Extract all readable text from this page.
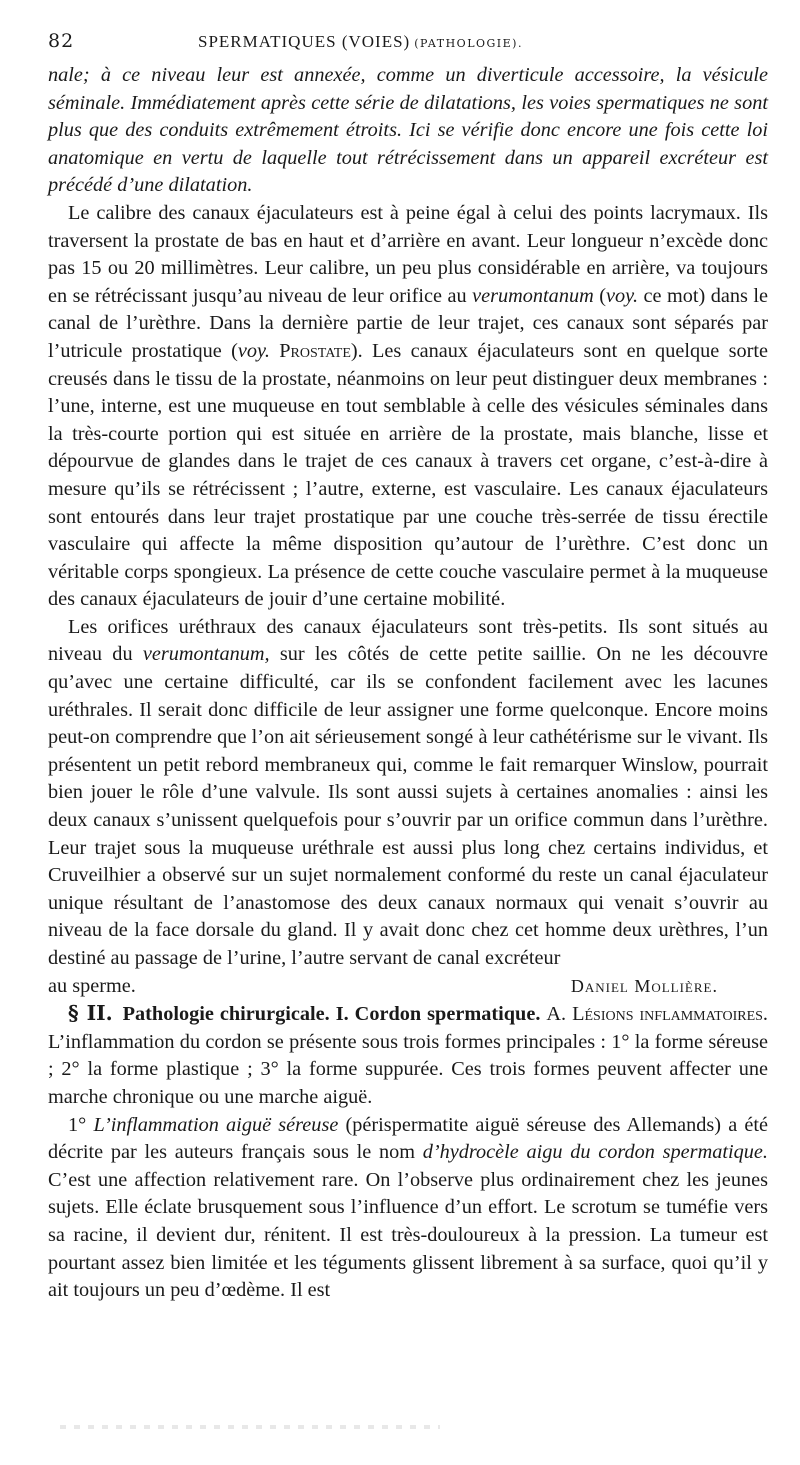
82	SPERMATIQUES (VOIES) (PATHOLOGIE).

nale; à ce niveau leur est annexée, comme un diverticule accessoire, la vésicule séminale. Immédiatement après cette série de dilatations, les voies spermatiques ne sont plus que des conduits extrêmement étroits. Ici se vérifie donc encore une fois cette loi anatomique en vertu de laquelle tout rétrécissement dans un appareil excréteur est précédé d’une dilatation.

Le calibre des canaux éjaculateurs est à peine égal à celui des points lacrymaux. Ils traversent la prostate de bas en haut et d’arrière en avant. Leur longueur n’excède donc pas 15 ou 20 millimètres. Leur calibre, un peu plus considérable en arrière, va toujours en se rétrécissant jusqu’au niveau de leur orifice au verumontanum (voy. ce mot) dans le canal de l’urèthre. Dans la dernière partie de leur trajet, ces canaux sont séparés par l’utricule prostatique (voy. Prostate). Les canaux éjaculateurs sont en quelque sorte creusés dans le tissu de la prostate, néanmoins on leur peut distinguer deux membranes : l’une, interne, est une muqueuse en tout semblable à celle des vésicules séminales dans la très-courte portion qui est située en arrière de la prostate, mais blanche, lisse et dépourvue de glandes dans le trajet de ces canaux à travers cet organe, c’est-à-dire à mesure qu’ils se rétrécissent ; l’autre, externe, est vasculaire. Les canaux éjaculateurs sont entourés dans leur trajet prostatique par une couche très-serrée de tissu érectile vasculaire qui affecte la même disposition qu’autour de l’urèthre. C’est donc un véritable corps spongieux. La présence de cette couche vasculaire permet à la muqueuse des canaux éjaculateurs de jouir d’une certaine mobilité.

Les orifices uréthraux des canaux éjaculateurs sont très-petits. Ils sont situés au niveau du verumontanum, sur les côtés de cette petite saillie. On ne les découvre qu’avec une certaine difficulté, car ils se confondent facilement avec les lacunes uréthrales. Il serait donc difficile de leur assigner une forme quelconque. Encore moins peut-on comprendre que l’on ait sérieusement songé à leur cathétérisme sur le vivant. Ils présentent un petit rebord membraneux qui, comme le fait remarquer Winslow, pourrait bien jouer le rôle d’une valvule. Ils sont aussi sujets à certaines anomalies : ainsi les deux canaux s’unissent quelquefois pour s’ouvrir par un orifice commun dans l’urèthre. Leur trajet sous la muqueuse uréthrale est aussi plus long chez certains individus, et Cruveilhier a observé sur un sujet normalement conformé du reste un canal éjaculateur unique résultant de l’anastomose des deux canaux normaux qui venait s’ouvrir au niveau de la face dorsale du gland. Il y avait donc chez cet homme deux urèthres, l’un destiné au passage de l’urine, l’autre servant de canal excréteur

au sperme.	Daniel Mollière.

§ II. Pathologie chirurgicale. I. Cordon spermatique. A. Lésions inflammatoires. L’inflammation du cordon se présente sous trois formes principales : 1° la forme séreuse ; 2° la forme plastique ; 3° la forme suppurée. Ces trois formes peuvent affecter une marche chronique ou une marche aiguë.

1° L’inflammation aiguë séreuse (périspermatite aiguë séreuse des Allemands) a été décrite par les auteurs français sous le nom d’hydrocèle aigu du cordon spermatique. C’est une affection relativement rare. On l’observe plus ordinairement chez les jeunes sujets. Elle éclate brusquement sous l’influence d’un effort. Le scrotum se tuméfie vers sa racine, il devient dur, rénitent. Il est très-douloureux à la pression. La tumeur est pourtant assez bien limitée et les téguments glissent librement à sa surface, quoi qu’il y ait toujours un peu d’œdème. Il est
